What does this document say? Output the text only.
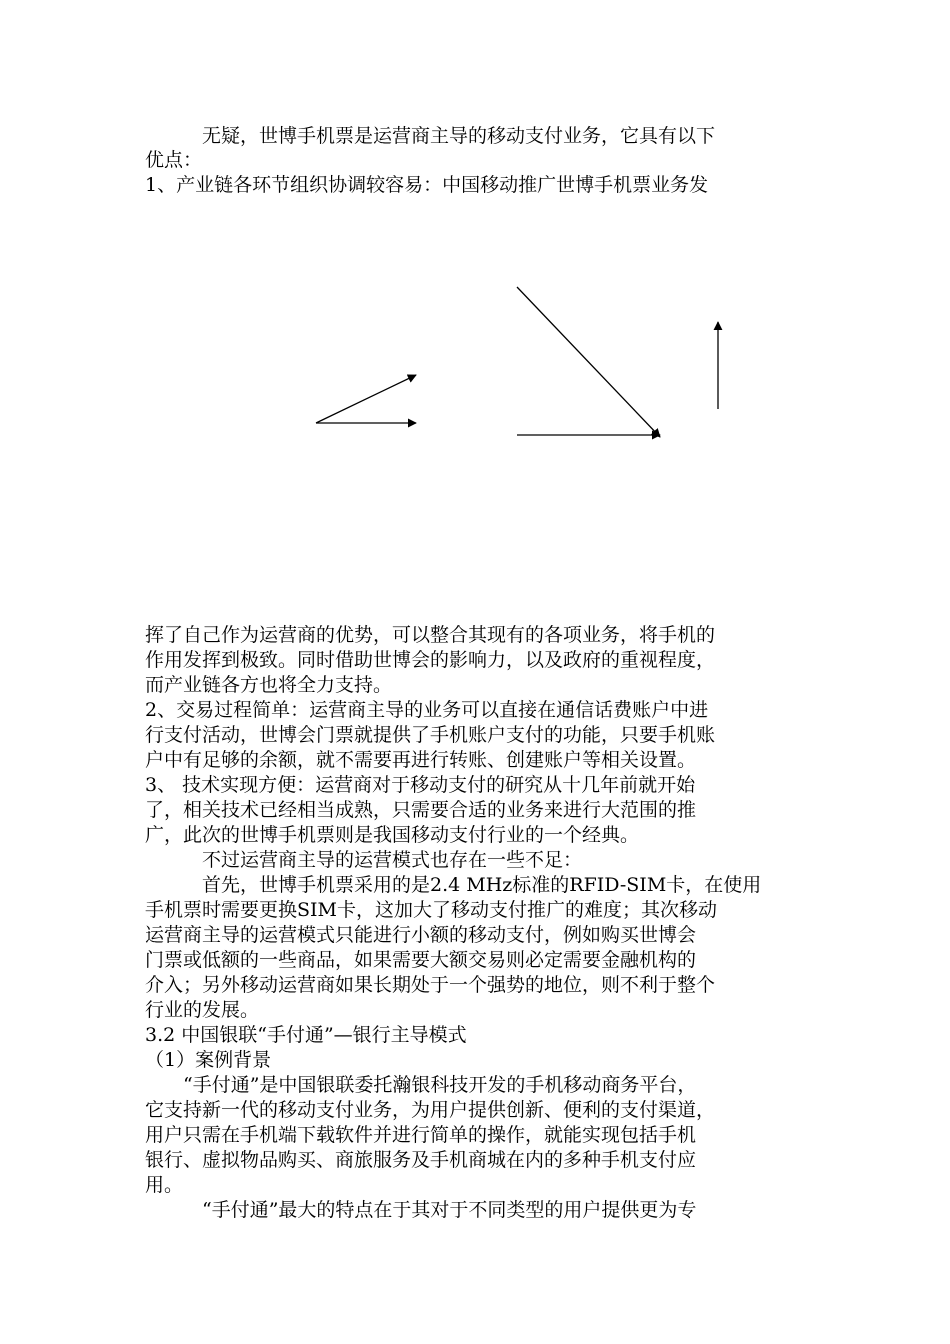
　　　无疑，世博手机票是运营商主导的移动支付业务，它具有以下
优点：
1、产业链各环节组织协调较容易：中国移动推广世博手机票业务发
挥了自己作为运营商的优势，可以整合其现有的各项业务，将手机的
作用发挥到极致。同时借助世博会的影响力，以及政府的重视程度，
而产业链各方也将全力支持。
2、交易过程简单：运营商主导的业务可以直接在通信话费账户中进
行支付活动，世博会门票就提供了手机账户支付的功能，只要手机账
户中有足够的余额，就不需要再进行转账、创建账户等相关设置。
3、 技术实现方便：运营商对于移动支付的研究从十几年前就开始
了，相关技术已经相当成熟，只需要合适的业务来进行大范围的推
广，此次的世博手机票则是我国移动支付行业的一个经典。
　　　不过运营商主导的运营模式也存在一些不足：
　　　首先，世博手机票采用的是2.4 MHz标准的RFID-SIM卡，在使用
手机票时需要更换SIM卡，这加大了移动支付推广的难度；其次移动
运营商主导的运营模式只能进行小额的移动支付，例如购买世博会
门票或低额的一些商品，如果需要大额交易则必定需要金融机构的
介入；另外移动运营商如果长期处于一个强势的地位，则不利于整个
行业的发展。
3.2 中国银联“手付通”—银行主导模式
（1）案例背景
　　“手付通”是中国银联委托瀚银科技开发的手机移动商务平台，
它支持新一代的移动支付业务，为用户提供创新、便利的支付渠道，
用户只需在手机端下载软件并进行简单的操作，就能实现包括手机
银行、虚拟物品购买、商旅服务及手机商城在内的多种手机支付应
用。
　　　“手付通”最大的特点在于其对于不同类型的用户提供更为专
